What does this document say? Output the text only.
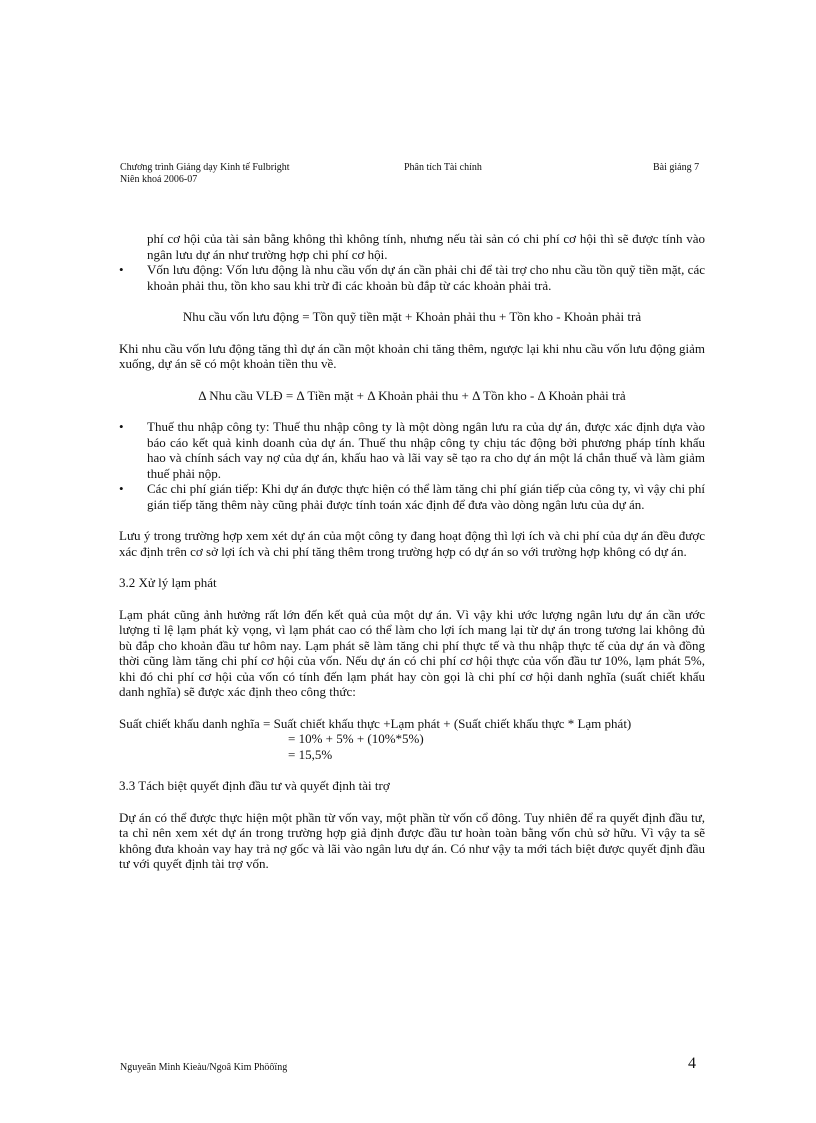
Chương trình Giảng dạy Kinh tế Fulbright
Niên khoá 2006-07
Phân tích Tài chính	Bài giảng 7

phí cơ hội của tài sản bằng không thì không tính, nhưng nếu tài sản có chi phí cơ hội thì sẽ được tính vào ngân lưu dự án như trường hợp chi phí cơ hội.

• Vốn lưu động: Vốn lưu động là nhu cầu vốn dự án cần phải chi để tài trợ cho nhu cầu tồn quỹ tiền mặt, các khoản phải thu, tồn kho sau khi trừ đi các khoản bù đắp từ các khoản phải trả.

Nhu cầu vốn lưu động = Tồn quỹ tiền mặt + Khoản phải thu + Tồn kho - Khoản phải trả

Khi nhu cầu vốn lưu động tăng thì dự án cần một khoản chi tăng thêm, ngược lại khi nhu cầu vốn lưu động giảm xuống, dự án sẽ có một khoản tiền thu về.

Δ Nhu cầu VLĐ = Δ Tiền mặt + Δ Khoản phải thu + Δ Tồn kho - Δ Khoản phải trả

• Thuế thu nhập công ty: Thuế thu nhập công ty là một dòng ngân lưu ra của dự án, được xác định dựa vào báo cáo kết quả kinh doanh của dự án. Thuế thu nhập công ty chịu tác động bởi phương pháp tính khấu hao và chính sách vay nợ của dự án, khấu hao và lãi vay sẽ tạo ra cho dự án một lá chắn thuế và làm giảm thuế phải nộp.

• Các chi phí gián tiếp: Khi dự án được thực hiện có thể làm tăng chi phí gián tiếp của công ty, vì vậy chi phí gián tiếp tăng thêm này cũng phải được tính toán xác định để đưa vào dòng ngân lưu của dự án.

Lưu ý trong trường hợp xem xét dự án của một công ty đang hoạt động thì lợi ích và chi phí của dự án đều được xác định trên cơ sở lợi ích và chi phí tăng thêm trong trường hợp có dự án so với trường hợp không có dự án.

3.2 Xử lý lạm phát

Lạm phát cũng ảnh hưởng rất lớn đến kết quả của một dự án. Vì vậy khi ước lượng ngân lưu dự án cần ước lượng tỉ lệ lạm phát kỳ vọng, vì lạm phát cao có thể làm cho lợi ích mang lại từ dự án trong tương lai không đủ bù đắp cho khoản đầu tư hôm nay. Lạm phát sẽ làm tăng chi phí thực tế và thu nhập thực tế của dự án và đồng thời cũng làm tăng chi phí cơ hội của vốn. Nếu dự án có chi phí cơ hội thực của vốn đầu tư 10%, lạm phát 5%, khi đó chi phí cơ hội của vốn có tính đến lạm phát hay còn gọi là chi phí cơ hội danh nghĩa (suất chiết khấu danh nghĩa) sẽ được xác định theo công thức:

Suất chiết khấu danh nghĩa = Suất chiết khấu thực +Lạm phát + (Suất chiết khấu thực * Lạm phát)

= 10% + 5% + (10%*5%)

= 15,5%

3.3 Tách biệt quyết định đầu tư và quyết định tài trợ

Dự án có thể được thực hiện một phần từ vốn vay, một phần từ vốn cổ đông. Tuy nhiên để ra quyết định đầu tư, ta chỉ nên xem xét dự án trong trường hợp giả định được đầu tư hoàn toàn bằng vốn chủ sở hữu. Vì vậy ta sẽ không đưa khoản vay hay trả nợ gốc và lãi vào ngân lưu dự án. Có như vậy ta mới tách biệt được quyết định đầu tư với quyết định tài trợ vốn.

Nguyeãn Minh Kieàu/Ngoâ Kim Phöôïng	4
